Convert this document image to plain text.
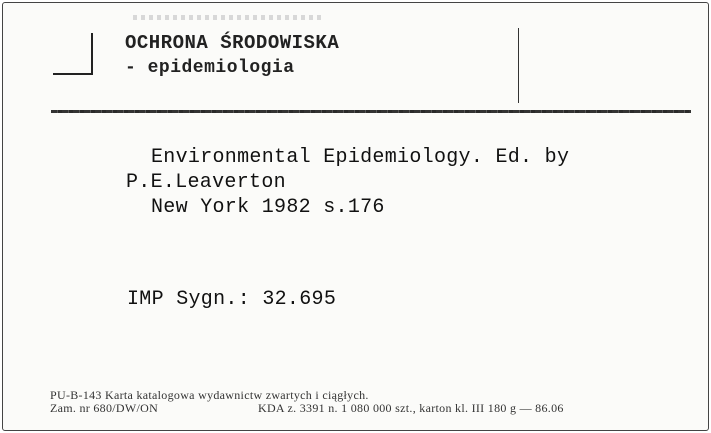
OCHRONA ŚRODOWISKA
- epidemiologia
Environmental Epidemiology. Ed. by
P.E.Leaverton
New York 1982 s.176
IMP Sygn.: 32.695
PU-B-143 Karta katalogowa wydawnictw zwartych i ciągłych.
Zam. nr 680/DW/ON	KDA z. 3391 n. 1 080 000 szt., karton kl. III 180 g — 86.06
